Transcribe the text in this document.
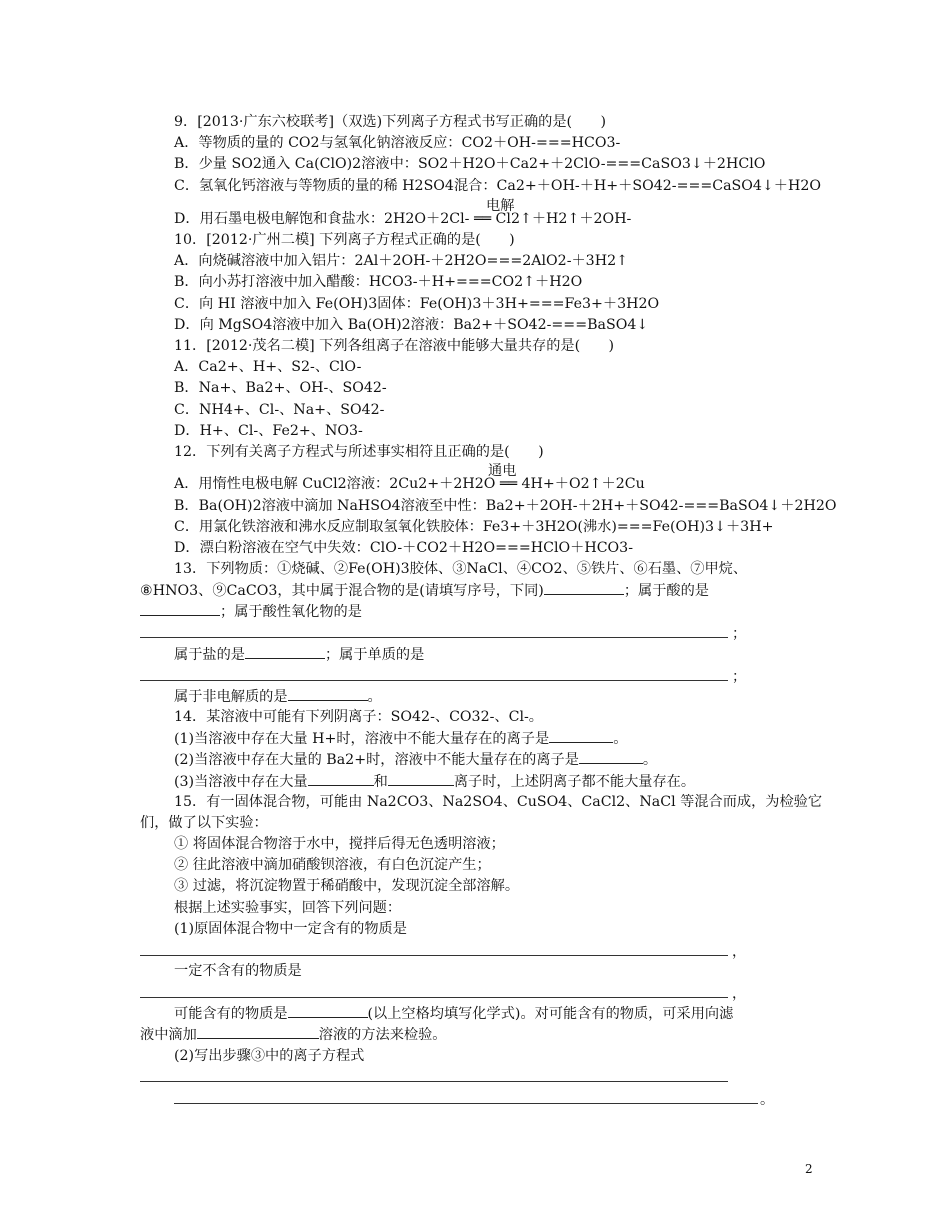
9．[2013·广东六校联考]（双选)下列离子方程式书写正确的是(　　)
A．等物质的量的 CO2与氢氧化钠溶液反应：CO2＋OH-===HCO3-
B．少量 SO2通入 Ca(ClO)2溶液中：SO2＋H2O＋Ca2+＋2ClO-===CaSO3↓＋2HClO
C．氢氧化钙溶液与等物质的量的稀 H2SO4混合：Ca2+＋OH-＋H+＋SO42-===CaSO4↓＋H2O
电解
D．用石墨电极电解饱和食盐水：2H2O＋2Cl- ══ Cl2↑＋H2↑＋2OH-
10．[2012·广州二模] 下列离子方程式正确的是(　　)
A．向烧碱溶液中加入铝片：2Al＋2OH-＋2H2O===2AlO2-＋3H2↑
B．向小苏打溶液中加入醋酸：HCO3-＋H+===CO2↑＋H2O
C．向 HI 溶液中加入 Fe(OH)3固体：Fe(OH)3＋3H+===Fe3+＋3H2O
D．向 MgSO4溶液中加入 Ba(OH)2溶液：Ba2+＋SO42-===BaSO4↓
11．[2012·茂名二模] 下列各组离子在溶液中能够大量共存的是(　　)
A．Ca2+、H+、S2-、ClO-
B．Na+、Ba2+、OH-、SO42-
C．NH4+、Cl-、Na+、SO42-
D．H+、Cl-、Fe2+、NO3-
12．下列有关离子方程式与所述事实相符且正确的是(　　)
通电
A．用惰性电极电解 CuCl2溶液：2Cu2+＋2H2O ══ 4H+＋O2↑＋2Cu
B．Ba(OH)2溶液中滴加 NaHSO4溶液至中性：Ba2+＋2OH-＋2H+＋SO42-===BaSO4↓＋2H2O
C．用氯化铁溶液和沸水反应制取氢氧化铁胶体：Fe3+＋3H2O(沸水)===Fe(OH)3↓＋3H+
D．漂白粉溶液在空气中失效：ClO-＋CO2＋H2O===HClO＋HCO3-
13．下列物质：①烧碱、②Fe(OH)3胶体、③NaCl、④CO2、⑤铁片、⑥石墨、⑦甲烷、
⑧HNO3、⑨CaCO3，其中属于混合物的是(请填写序号，下同)	；属于酸的是
；属于酸性氧化物的是
；
属于盐的是	；属于单质的是
；
属于非电解质的是	。
14．某溶液中可能有下列阴离子：SO42-、CO32-、Cl-。
(1)当溶液中存在大量 H+时，溶液中不能大量存在的离子是	。
(2)当溶液中存在大量的 Ba2+时，溶液中不能大量存在的离子是	。
(3)当溶液中存在大量	和	离子时，上述阴离子都不能大量存在。
15．有一固体混合物，可能由 Na2CO3、Na2SO4、CuSO4、CaCl2、NaCl 等混合而成，为检验它
们，做了以下实验：
① 将固体混合物溶于水中，搅拌后得无色透明溶液；
② 往此溶液中滴加硝酸钡溶液，有白色沉淀产生；
③ 过滤，将沉淀物置于稀硝酸中，发现沉淀全部溶解。
根据上述实验事实，回答下列问题：
(1)原固体混合物中一定含有的物质是
，
一定不含有的物质是
，
可能含有的物质是	(以上空格均填写化学式)。对可能含有的物质，可采用向滤
液中滴加	溶液的方法来检验。
(2)写出步骤③中的离子方程式
。
2
